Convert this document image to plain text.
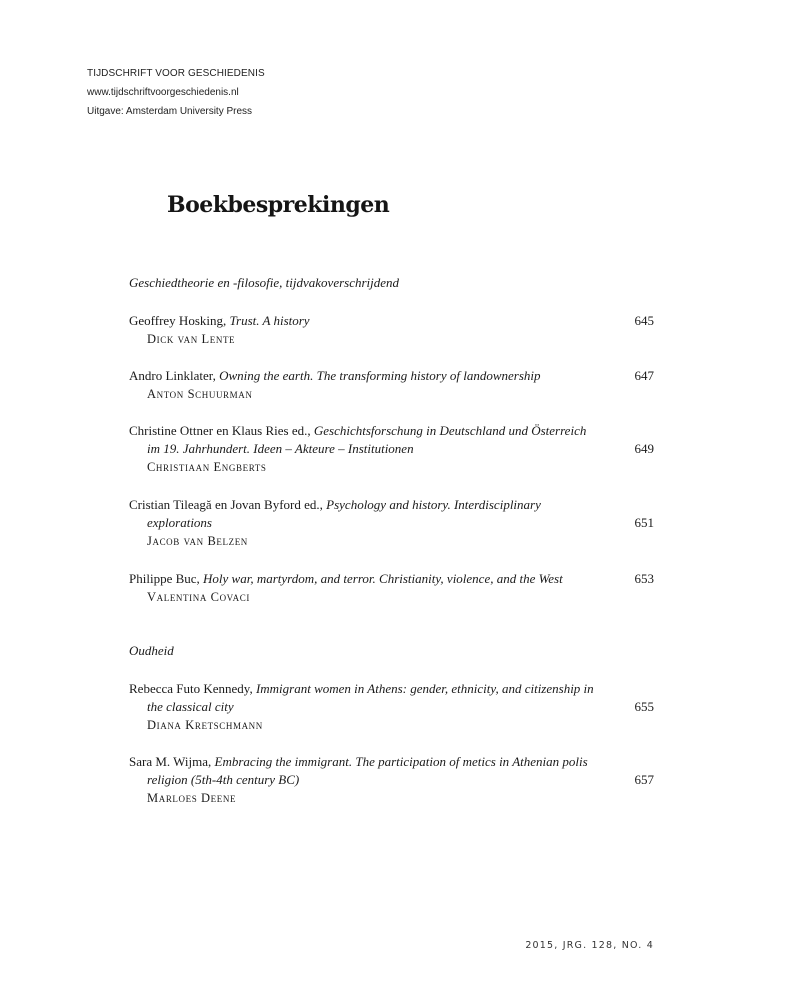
TIJDSCHRIFT VOOR GESCHIEDENIS
www.tijdschriftvoorgeschiedenis.nl
Uitgave: Amsterdam University Press
Boekbesprekingen
Geschiedtheorie en -filosofie, tijdvakoverschrijdend
Geoffrey Hosking, Trust. A history	645
Dick van Lente
Andro Linklater, Owning the earth. The transforming history of landownership	647
Anton Schuurman
Christine Ottner en Klaus Ries ed., Geschichtsforschung in Deutschland und Österreich
im 19. Jahrhundert. Ideen – Akteure – Institutionen	649
Christiaan Engberts
Cristian Tileagă en Jovan Byford ed., Psychology and history. Interdisciplinary
explorations	651
Jacob van Belzen
Philippe Buc, Holy war, martyrdom, and terror. Christianity, violence, and the West	653
Valentina Covaci
Oudheid
Rebecca Futo Kennedy, Immigrant women in Athens: gender, ethnicity, and citizenship in
the classical city	655
Diana Kretschmann
Sara M. Wijma, Embracing the immigrant. The participation of metics in Athenian polis
religion (5th-4th century BC)	657
Marloes Deene
2015, JRG. 128, NO. 4
